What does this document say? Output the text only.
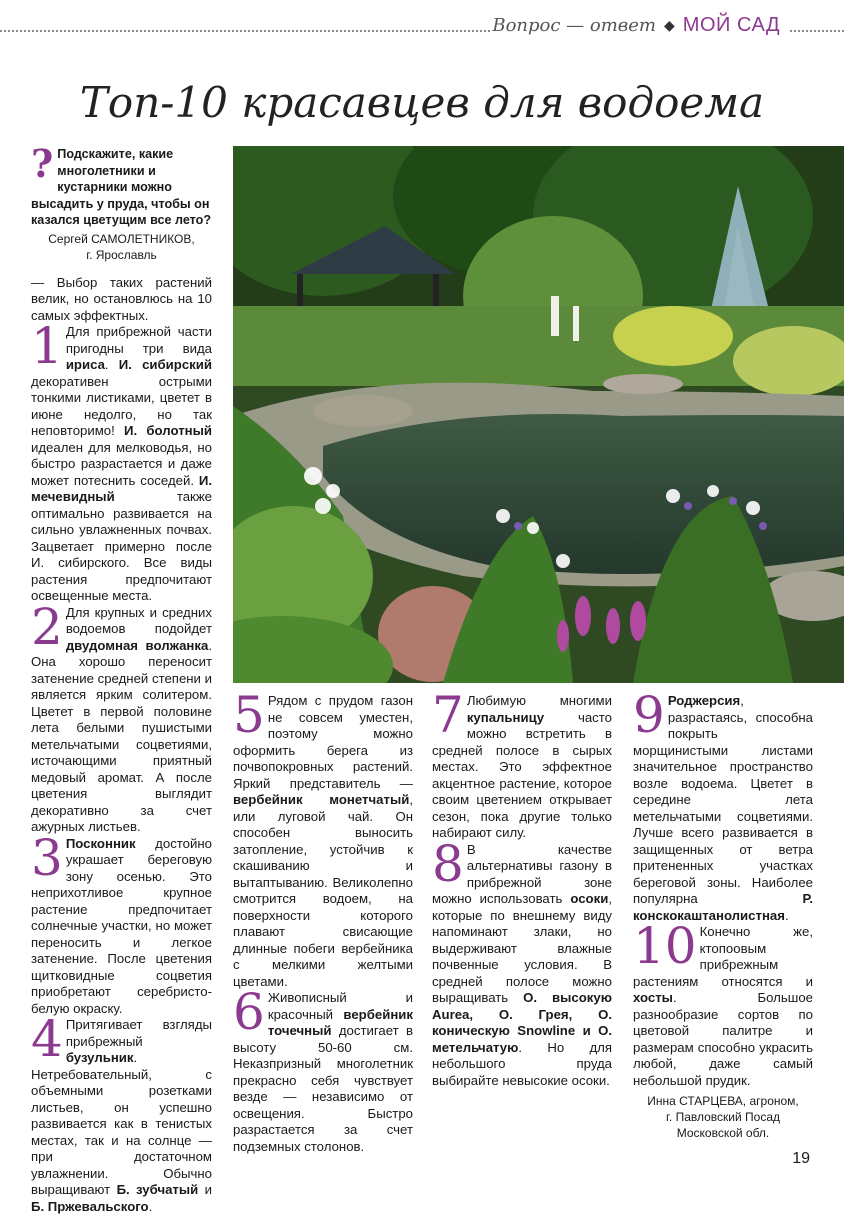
Вопрос — ответ ◆ МОЙ САД
Топ-10 красавцев для водоема
? Подскажите, какие многолетники и кустарники можно высадить у пруда, чтобы он казался цветущим все лето?
Сергей САМОЛЕТНИКОВ,
г. Ярославль

— Выбор таких растений велик, но остановлюсь на 10 самых эффектных.

1 Для прибрежной части пригодны три вида ириса. И. сибирский декоративен острыми тонкими листиками, цветет в июне недолго, но так неповторимо! И. болотный идеален для мелководья, но быстро разрастается и даже может потеснить соседей. И. мечевидный также оптимально развивается на сильно увлажненных почвах. Зацветает примерно после И. сибирского. Все виды растения предпочитают освещенные места.

2 Для крупных и средних водоемов подойдет двудомная волжанка. Она хорошо переносит затенение средней степени и является ярким солитером. Цветет в первой половине лета белыми пушистыми метельчатыми соцветиями, источающими приятный медовый аромат. А после цветения выглядит декоративно за счет ажурных листьев.

3 Посконник достойно украшает береговую зону осенью. Это неприхотливое крупное растение предпочитает солнечные участки, но может переносить и легкое затенение. После цветения щитковидные соцветия приобретают серебристо-белую окраску.

4 Притягивает взгляды прибрежный бузульник. Нетребовательный, с объемными розетками листьев, он успешно развивается как в тенистых местах, так и на солнце — при достаточном увлажнении. Обычно выращивают Б. зубчатый и Б. Пржевальского.

5 Рядом с прудом газон не совсем уместен, поэтому можно оформить берега из почвопокровных растений. Яркий представитель — вербейник монетчатый, или луговой чай. Он способен выносить затопление, устойчив к скашиванию и вытаптыванию. Великолепно смотрится водоем, на поверхности которого плавают свисающие длинные побеги вербейника с мелкими желтыми цветами.

6 Живописный и красочный вербейник точечный достигает в высоту 50-60 см. Неказпризный многолетник прекрасно себя чувствует везде — независимо от освещения. Быстро разрастается за счет подземных столонов.

7 Любимую многими купальницу часто можно встретить в средней полосе в сырых местах. Это эффектное акцентное растение, которое своим цветением открывает сезон, пока другие только набирают силу.

8 В качестве альтернативы газону в прибрежной зоне можно использовать осоки, которые по внешнему виду напоминают злаки, но выдерживают влажные почвенные условия. В средней полосе можно выращивать О. высокую Aurea, О. Грея, О. коническую Snowline и О. метельчатую. Но для небольшого пруда выбирайте невысокие осоки.

9 Роджерсия, разрастаясь, способна покрыть морщинистыми листами значительное пространство возле водоема. Цветет в середине лета метельчатыми соцветиями. Лучше всего развивается в защищенных от ветра притененных участках береговой зоны. Наиболее популярна Р. конскокаштанолистная.

10 Конечно же, ктопоовым прибрежным растениям относятся и хосты. Большое разнообразие сортов по цветовой палитре и размерам способно украсить любой, даже самый небольшой прудик.

Инна СТАРЦЕВА, агроном,
г. Павловский Посад
Московской обл.
19
